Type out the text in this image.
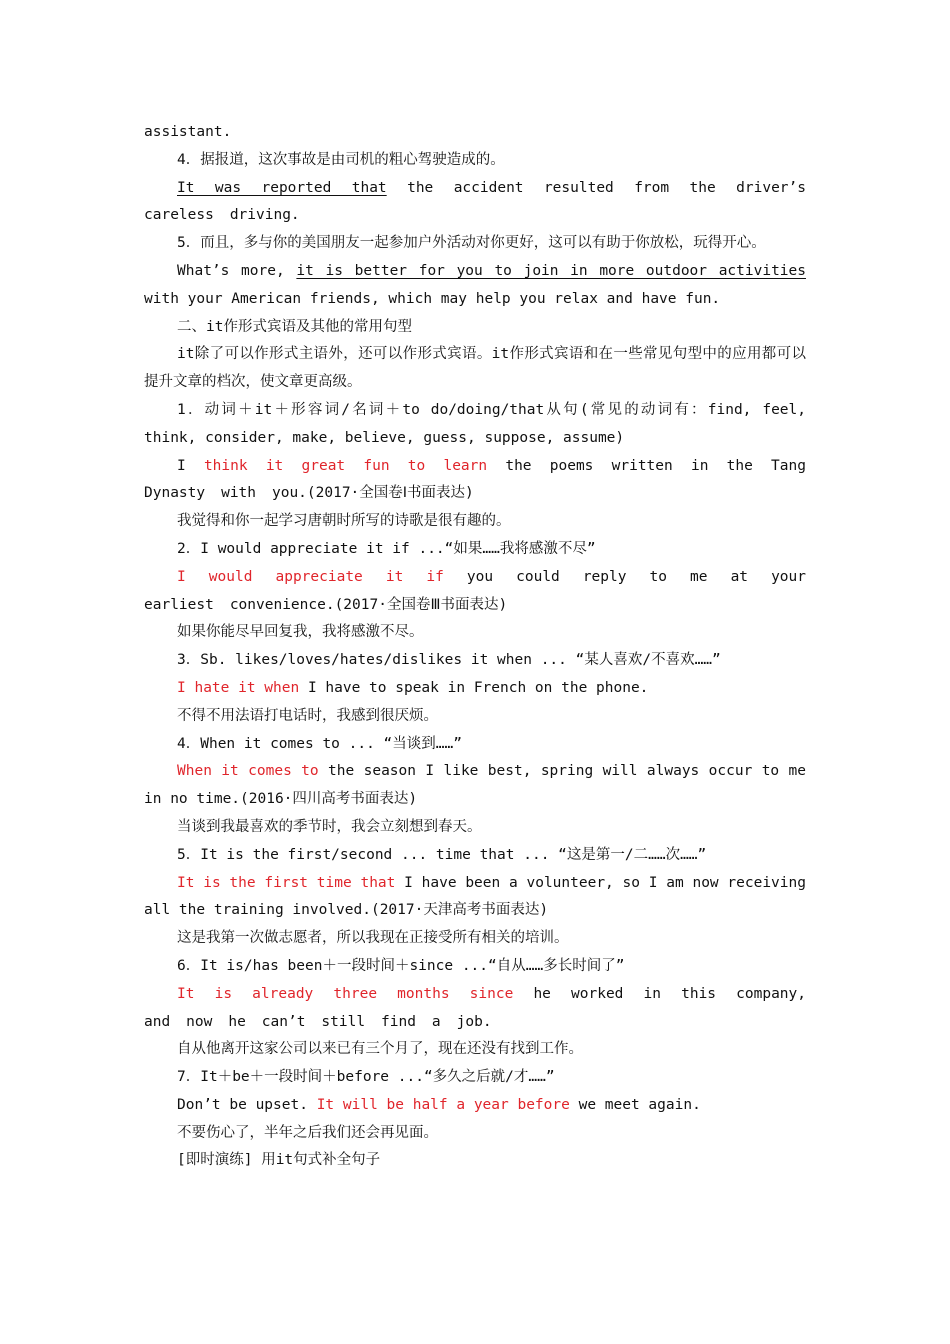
assistant.

4．据报道，这次事故是由司机的粗心驾驶造成的。

It was reported that the accident resulted from the driver’s careless driving.

5．而且，多与你的美国朋友一起参加户外活动对你更好，这可以有助于你放松，玩得开心。

What’s more, it is better for you to join in more outdoor activities with your American friends, which may help you relax and have fun.

二、it作形式宾语及其他的常用句型

it除了可以作形式主语外，还可以作形式宾语。it作形式宾语和在一些常见句型中的应用都可以提升文章的档次，使文章更高级。

1．动词＋it＋形容词/名词＋to do/doing/that从句(常见的动词有：find, feel, think, consider, make, believe, guess, suppose, assume)

I think it great fun to learn the poems written in the Tang Dynasty with you.(2017·全国卷Ⅰ书面表达)

我觉得和你一起学习唐朝时所写的诗歌是很有趣的。

2．I would appreciate it if ...“如果……我将感激不尽”

I would appreciate it if you could reply to me at your earliest convenience.(2017·全国卷Ⅲ书面表达)

如果你能尽早回复我，我将感激不尽。

3．Sb. likes/loves/hates/dislikes it when ... “某人喜欢/不喜欢……”

I hate it when I have to speak in French on the phone.

不得不用法语打电话时，我感到很厌烦。

4．When it comes to ... “当谈到……”

When it comes to the season I like best, spring will always occur to me in no time.(2016·四川高考书面表达)

当谈到我最喜欢的季节时，我会立刻想到春天。

5．It is the first/second ... time that ... “这是第一/二……次……”

It is the first time that I have been a volunteer, so I am now receiving all the training involved.(2017·天津高考书面表达)

这是我第一次做志愿者，所以我现在正接受所有相关的培训。

6．It is/has been＋一段时间＋since ...“自从……多长时间了”

It is already three months since he worked in this company, and now he can’t still find a job.

自从他离开这家公司以来已有三个月了，现在还没有找到工作。

7．It＋be＋一段时间＋before ...“多久之后就/才……”

Don’t be upset. It will be half a year before we meet again.

不要伤心了，半年之后我们还会再见面。

[即时演练] 用it句式补全句子
